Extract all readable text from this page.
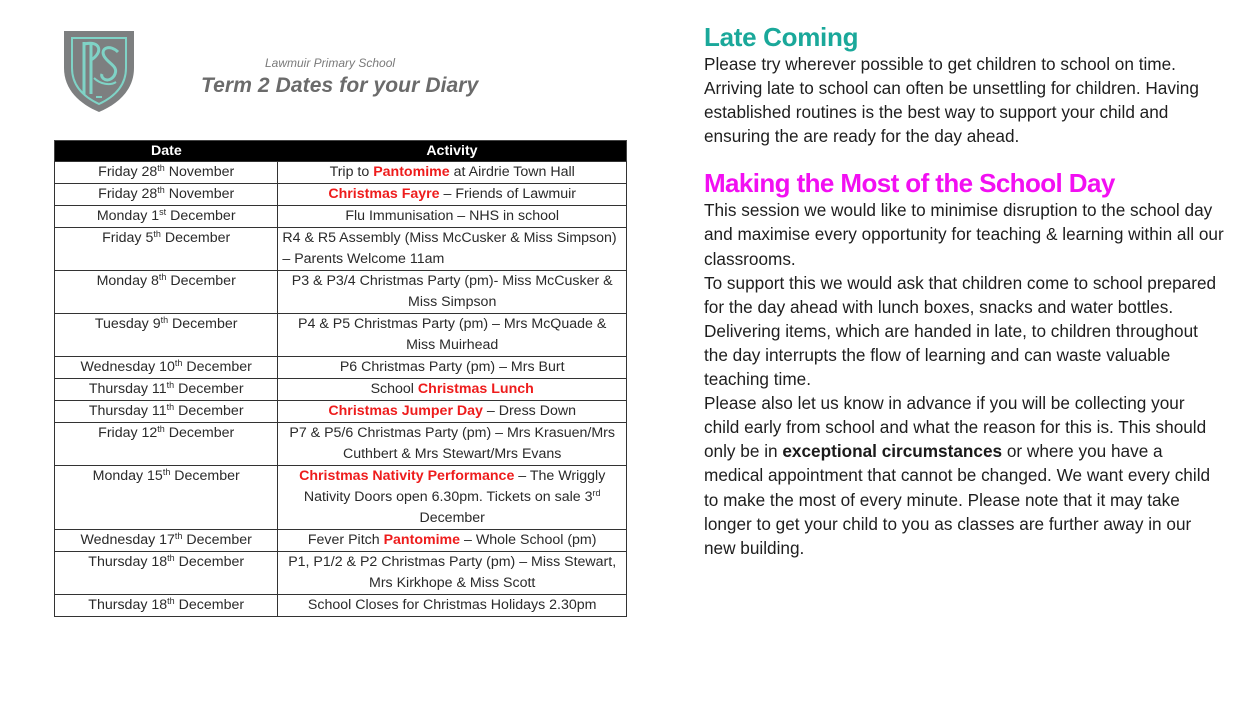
Lawmuir Primary School
Term 2 Dates for your Diary
Date	Activity
Friday 28th November	Trip to Pantomime at Airdrie Town Hall
Friday 28th November	Christmas Fayre – Friends of Lawmuir
Monday 1st December	Flu Immunisation – NHS in school
Friday 5th December	R4 & R5 Assembly (Miss McCusker & Miss Simpson) – Parents Welcome 11am
Monday 8th December	P3 & P3/4 Christmas Party (pm)- Miss McCusker & Miss Simpson
Tuesday 9th December	P4 & P5 Christmas Party (pm) – Mrs McQuade & Miss Muirhead
Wednesday 10th December	P6 Christmas Party (pm) – Mrs Burt
Thursday 11th December	School Christmas Lunch
Thursday 11th December	Christmas Jumper Day – Dress Down
Friday 12th December	P7 & P5/6 Christmas Party (pm) – Mrs Krasuen/Mrs Cuthbert & Mrs Stewart/Mrs Evans
Monday 15th December	Christmas Nativity Performance – The Wriggly Nativity Doors open 6.30pm. Tickets on sale 3rd December
Wednesday 17th December	Fever Pitch Pantomime – Whole School (pm)
Thursday 18th December	P1, P1/2 & P2 Christmas Party (pm) – Miss Stewart, Mrs Kirkhope & Miss Scott
Thursday 18th December	School Closes for Christmas Holidays 2.30pm
Late Coming

Please try wherever possible to get children to school on time. Arriving late to school can often be unsettling for children. Having established routines is the best way to support your child and ensuring the are ready for the day ahead.

Making the Most of the School Day

This session we would like to minimise disruption to the school day and maximise every opportunity for teaching & learning within all our classrooms.

To support this we would ask that children come to school prepared for the day ahead with lunch boxes, snacks and water bottles.

Delivering items, which are handed in late, to children throughout the day interrupts the flow of learning and can waste valuable teaching time.

Please also let us know in advance if you will be collecting your child early from school and what the reason for this is. This should only be in exceptional circumstances or where you have a medical appointment that cannot be changed. We want every child to make the most of every minute. Please note that it may take longer to get your child to you as classes are further away in our new building.
